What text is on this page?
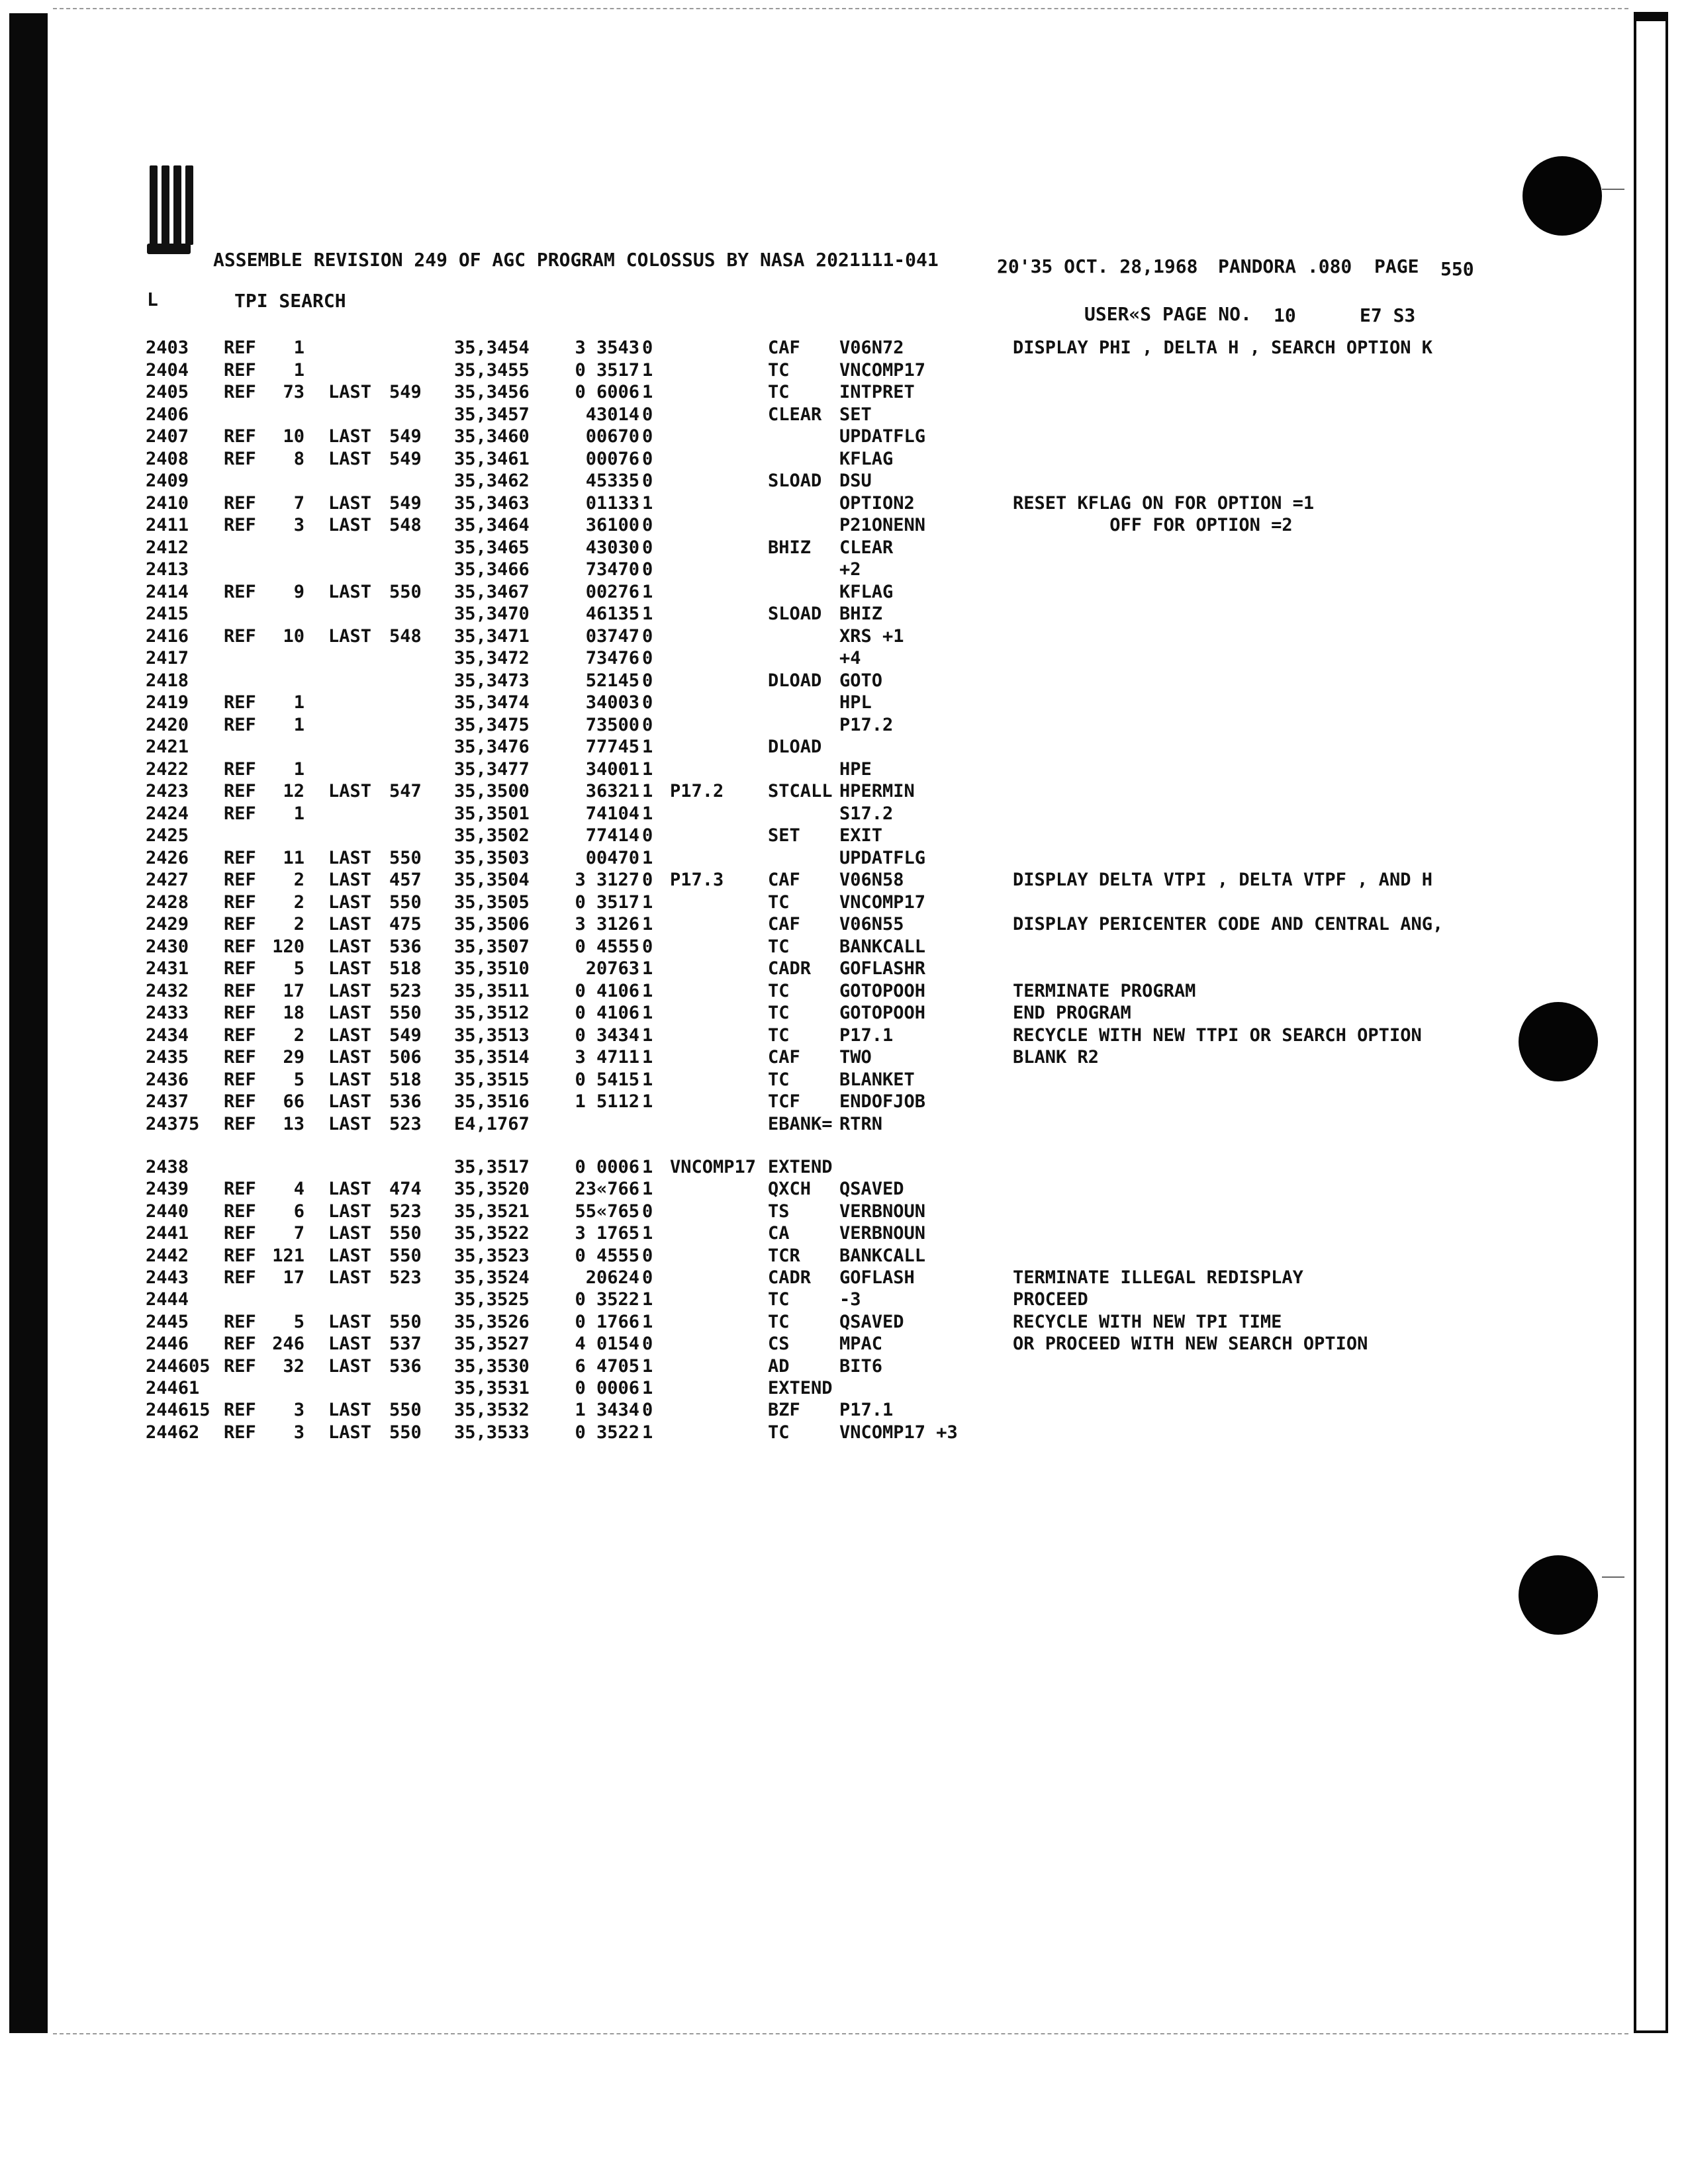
ASSEMBLE REVISION 249 OF AGC PROGRAM COLOSSUS BY NASA 2021111-041	20'35 OCT. 28,1968 PANDORA .080 PAGE 550
L	TPI SEARCH
USER«S PAGE NO. 10	E7 S3
2403 REF	1	35,3454	3 3543 0	CAF V06N72	DISPLAY PHI , DELTA H , SEARCH OPTION K
2404 REF	1	35,3455	0 3517 1	TC	VNCOMP17
2405 REF	73 LAST 549 35,3456	0 6006 1	TC	INTPRET
2406	35,3457	43014 0	CLEAR SET
2407 REF	10 LAST 549 35,3460	00670 0	UPDATFLG
2408 REF	8 LAST 549 35,3461	00076 0	KFLAG
2409	35,3462	45335 0	SLOAD DSU
2410 REF	7 LAST 549 35,3463	01133 1	OPTION2	RESET KFLAG ON FOR OPTION =1
2411 REF	3 LAST 548 35,3464	36100 0	P21ONENN	OFF FOR OPTION =2
2412	35,3465	43030 0	BHIZ CLEAR
2413	35,3466	73470 0	+2
2414 REF	9 LAST 550 35,3467	00276 1	KFLAG
2415	35,3470	46135 1	SLOAD BHIZ
2416 REF	10 LAST 548 35,3471	03747 0	XRS +1
2417	35,3472	73476 0	+4
2418	35,3473	52145 0	DLOAD GOTO
2419 REF	1	35,3474	34003 0	HPL
2420 REF	1	35,3475	73500 0	P17.2
2421	35,3476	77745 1	DLOAD
2422 REF	1	35,3477	34001 1	HPE
2423 REF	12 LAST 547 35,3500	36321 1 P17.2 STCALL HPERMIN
2424 REF	1	35,3501	74104 1	S17.2
2425	35,3502	77414 0	SET EXIT
2426 REF	11 LAST 550 35,3503	00470 1	UPDATFLG
2427 REF	2 LAST 457 35,3504	3 3127 0 P17.3 CAF V06N58	DISPLAY DELTA VTPI , DELTA VTPF , AND H
2428 REF	2 LAST 550 35,3505	0 3517 1	TC	VNCOMP17
2429 REF	2 LAST 475 35,3506	3 3126 1	CAF V06N55	DISPLAY PERICENTER CODE AND CENTRAL ANG,
2430 REF 120 LAST 536 35,3507	0 4555 0	TC	BANKCALL
2431 REF	5 LAST 518 35,3510	20763 1	CADR GOFLASHR
2432 REF	17 LAST 523 35,3511	0 4106 1	TC	GOTOPOOH	TERMINATE PROGRAM
2433 REF	18 LAST 550 35,3512	0 4106 1	TC	GOTOPOOH	END PROGRAM
2434 REF	2 LAST 549 35,3513	0 3434 1	TC	P17.1	RECYCLE WITH NEW TTPI OR SEARCH OPTION
2435 REF	29 LAST 506 35,3514	3 4711 1	CAF TWO	BLANK R2
2436 REF	5 LAST 518 35,3515	0 5415 1	TC	BLANKET
2437 REF	66 LAST 536 35,3516	1 5112 1	TCF ENDOFJOB
24375 REF	13 LAST 523 E4,1767	EBANK= RTRN
2438	35,3517	0 0006 1 VNCOMP17 EXTEND
2439 REF	4 LAST 474 35,3520	23«766 1	QXCH QSAVED
2440 REF	6 LAST 523 35,3521	55«765 0	TS	VERBNOUN
2441 REF	7 LAST 550 35,3522	3 1765 1	CA	VERBNOUN
2442 REF 121 LAST 550 35,3523	0 4555 0	TCR BANKCALL
2443 REF	17 LAST 523 35,3524	20624 0	CADR GOFLASH	TERMINATE ILLEGAL REDISPLAY
2444	35,3525	0 3522 1	TC	-3	PROCEED
2445 REF	5 LAST 550 35,3526	0 1766 1	TC	QSAVED	RECYCLE WITH NEW TPI TIME
2446 REF 246 LAST 537 35,3527	4 0154 0	CS	MPAC	OR PROCEED WITH NEW SEARCH OPTION
244605 REF	32 LAST 536 35,3530	6 4705 1	AD	BIT6
24461	35,3531	0 0006 1	EXTEND
244615 REF	3 LAST 550 35,3532	1 3434 0	BZF P17.1
24462 REF	3 LAST 550 35,3533	0 3522 1	TC	VNCOMP17 +3
